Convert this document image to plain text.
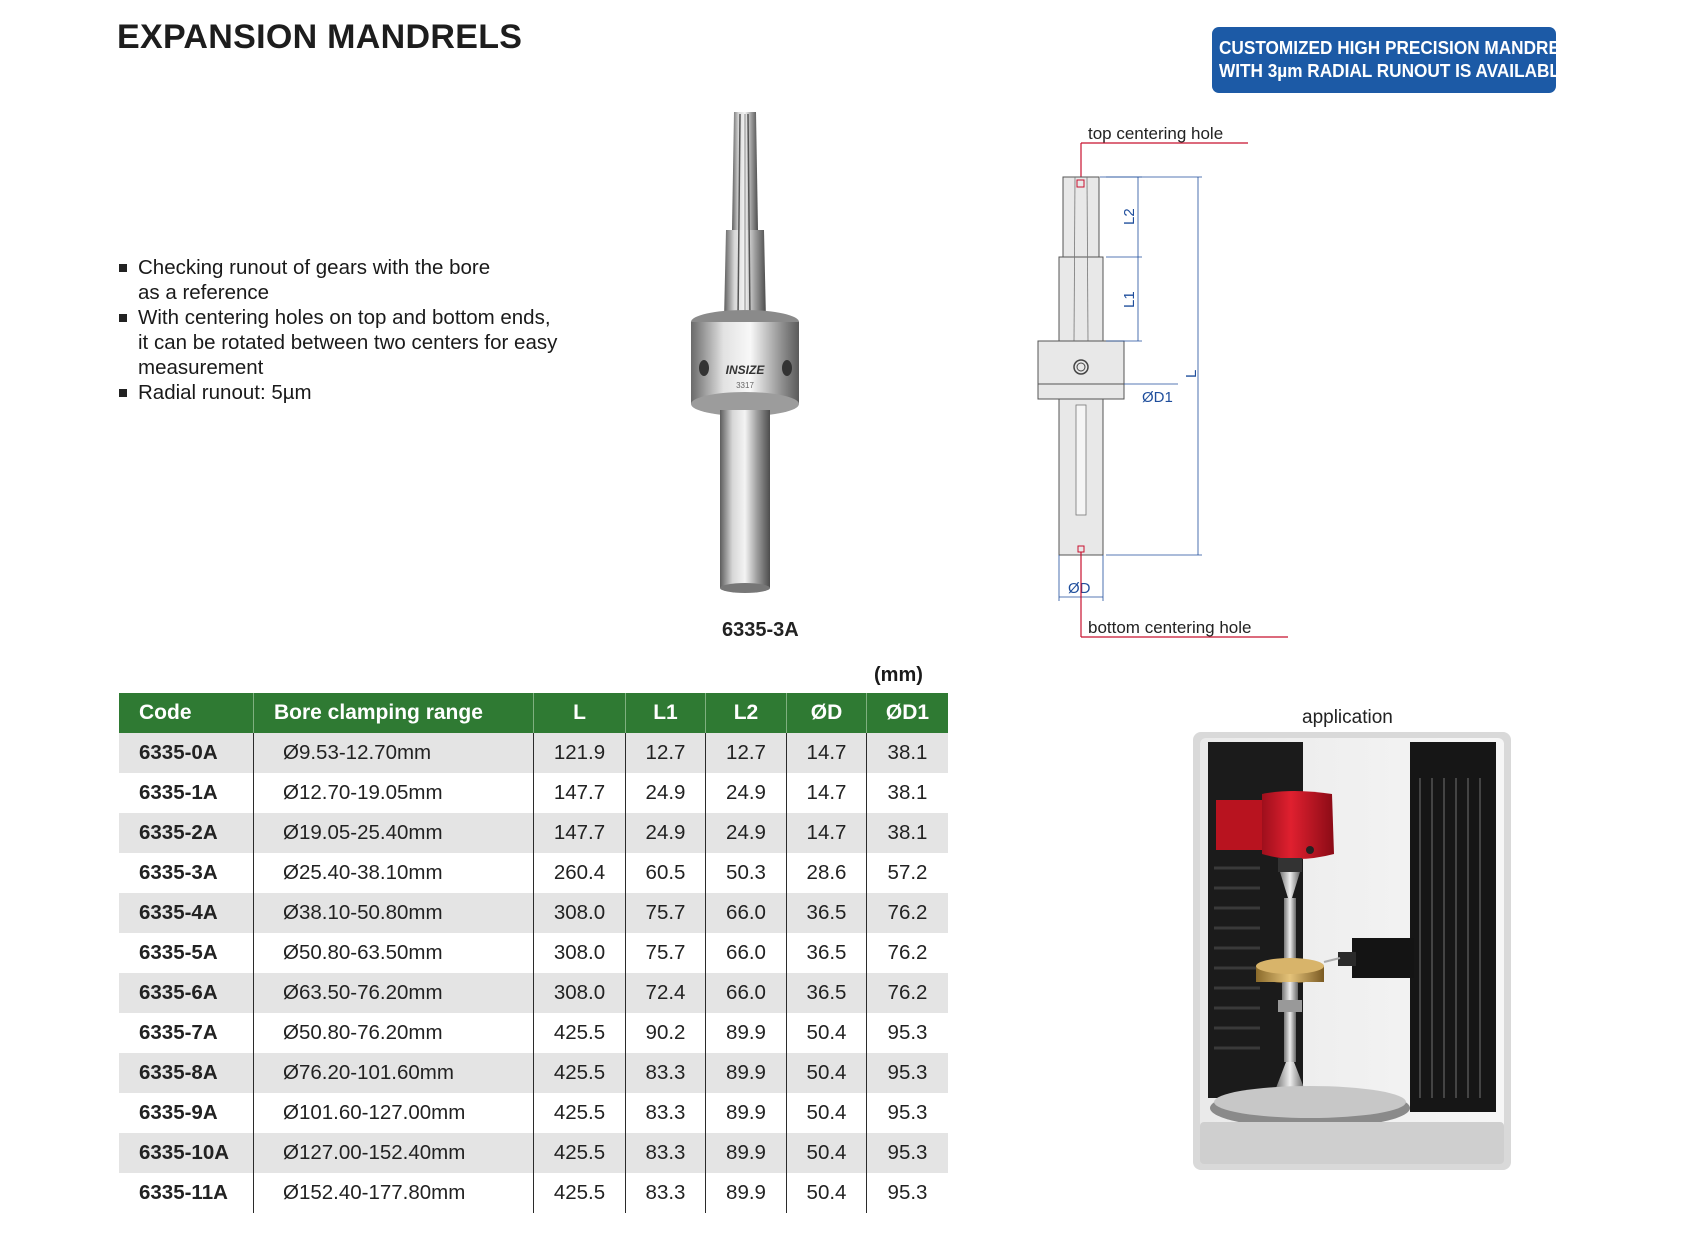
EXPANSION MANDRELS	CUSTOMIZED HIGH PRECISION MANDREL
WITH 3µm RADIAL RUNOUT IS AVAILABLE
Checking runout of gears with the bore
as a reference
With centering holes on top and bottom ends,
it can be rotated between two centers for easy
measurement
Radial runout: 5µm
INSIZE
3317
6335-3A
top centering hole
L2
L1
L
ØD1
ØD
bottom centering hole
(mm)
Code	Bore clamping range	L	L1	L2	ØD	ØD1
6335-0A	Ø9.53-12.70mm	121.9	12.7	12.7	14.7	38.1
6335-1A	Ø12.70-19.05mm	147.7	24.9	24.9	14.7	38.1
6335-2A	Ø19.05-25.40mm	147.7	24.9	24.9	14.7	38.1
6335-3A	Ø25.40-38.10mm	260.4	60.5	50.3	28.6	57.2
6335-4A	Ø38.10-50.80mm	308.0	75.7	66.0	36.5	76.2
6335-5A	Ø50.80-63.50mm	308.0	75.7	66.0	36.5	76.2
6335-6A	Ø63.50-76.20mm	308.0	72.4	66.0	36.5	76.2
6335-7A	Ø50.80-76.20mm	425.5	90.2	89.9	50.4	95.3
6335-8A	Ø76.20-101.60mm	425.5	83.3	89.9	50.4	95.3
6335-9A	Ø101.60-127.00mm	425.5	83.3	89.9	50.4	95.3
6335-10A	Ø127.00-152.40mm	425.5	83.3	89.9	50.4	95.3
6335-11A	Ø152.40-177.80mm	425.5	83.3	89.9	50.4	95.3
application
